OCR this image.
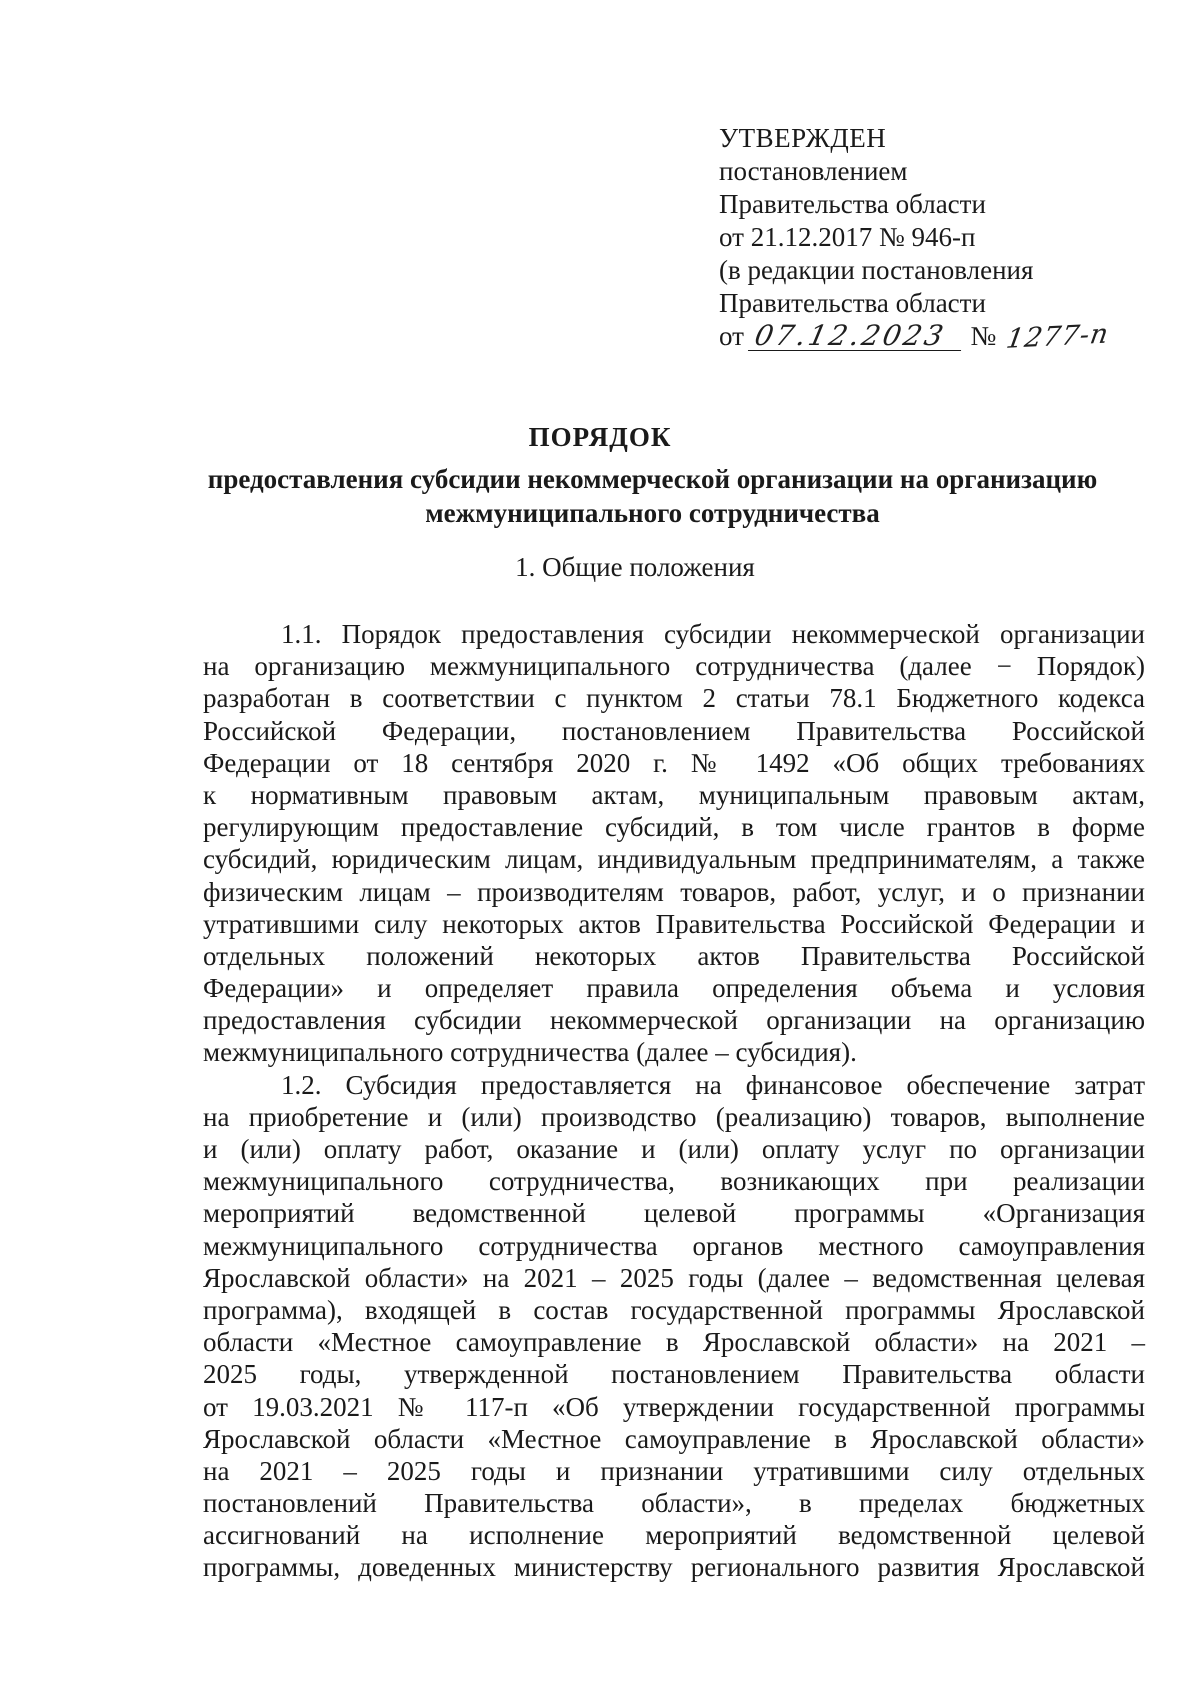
УТВЕРЖДЕН
постановлением
Правительства области
от 21.12.2017 № 946-п
(в редакции постановления
Правительства области
от 07.12.2023 № 1277-п
ПОРЯДОК
предоставления субсидии некоммерческой организации на организацию
межмуниципального сотрудничества
1. Общие положения
1.1. Порядок предоставления субсидии некоммерческой организации
на организацию межмуниципального сотрудничества (далее − Порядок)
разработан в соответствии с пунктом 2 статьи 78.1 Бюджетного кодекса
Российской Федерации, постановлением Правительства Российской
Федерации от 18 сентября 2020 г. № 1492 «Об общих требованиях
к нормативным правовым актам, муниципальным правовым актам,
регулирующим предоставление субсидий, в том числе грантов в форме
субсидий, юридическим лицам, индивидуальным предпринимателям, а также
физическим лицам – производителям товаров, работ, услуг, и о признании
утратившими силу некоторых актов Правительства Российской Федерации и
отдельных положений некоторых актов Правительства Российской
Федерации» и определяет правила определения объема и условия
предоставления субсидии некоммерческой организации на организацию
межмуниципального сотрудничества (далее – субсидия).
1.2. Субсидия предоставляется на финансовое обеспечение затрат
на приобретение и (или) производство (реализацию) товаров, выполнение
и (или) оплату работ, оказание и (или) оплату услуг по организации
межмуниципального сотрудничества, возникающих при реализации
мероприятий ведомственной целевой программы «Организация
межмуниципального сотрудничества органов местного самоуправления
Ярославской области» на 2021 – 2025 годы (далее – ведомственная целевая
программа), входящей в состав государственной программы Ярославской
области «Местное самоуправление в Ярославской области» на 2021 –
2025 годы, утвержденной постановлением Правительства области
от 19.03.2021 № 117-п «Об утверждении государственной программы
Ярославской области «Местное самоуправление в Ярославской области»
на 2021 – 2025 годы и признании утратившими силу отдельных
постановлений Правительства области», в пределах бюджетных
ассигнований на исполнение мероприятий ведомственной целевой
программы, доведенных министерству регионального развития Ярославской
